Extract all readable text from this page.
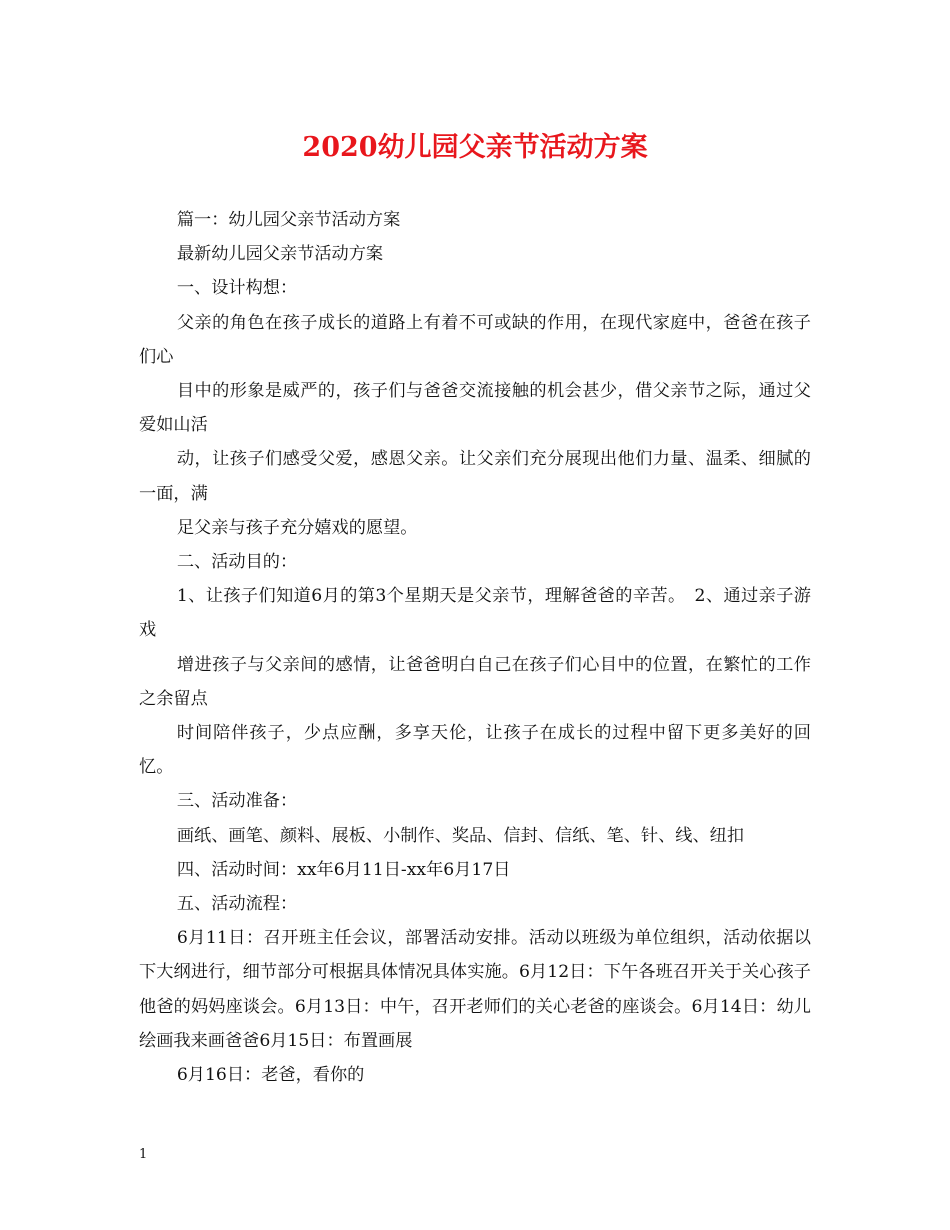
2020幼儿园父亲节活动方案

篇一：幼儿园父亲节活动方案

最新幼儿园父亲节活动方案

一、设计构想：

父亲的角色在孩子成长的道路上有着不可或缺的作用，在现代家庭中，爸爸在孩子们心

目中的形象是威严的，孩子们与爸爸交流接触的机会甚少，借父亲节之际，通过父爱如山活

动，让孩子们感受父爱，感恩父亲。让父亲们充分展现出他们力量、温柔、细腻的一面，满

足父亲与孩子充分嬉戏的愿望。

二、活动目的：

1、让孩子们知道6月的第3个星期天是父亲节，理解爸爸的辛苦。　2、通过亲子游戏

增进孩子与父亲间的感情，让爸爸明白自己在孩子们心目中的位置，在繁忙的工作之余留点

时间陪伴孩子，少点应酬，多享天伦，让孩子在成长的过程中留下更多美好的回忆。

三、活动准备：

画纸、画笔、颜料、展板、小制作、奖品、信封、信纸、笔、针、线、纽扣

四、活动时间：xx年6月11日-xx年6月17日

五、活动流程：

6月11日：召开班主任会议，部署活动安排。活动以班级为单位组织，活动依据以下大纲进行，细节部分可根据具体情况具体实施。6月12日：下午各班召开关于关心孩子他爸的妈妈座谈会。6月13日：中午，召开老师们的关心老爸的座谈会。6月14日：幼儿绘画我来画爸爸6月15日：布置画展

6月16日：老爸，看你的

1
